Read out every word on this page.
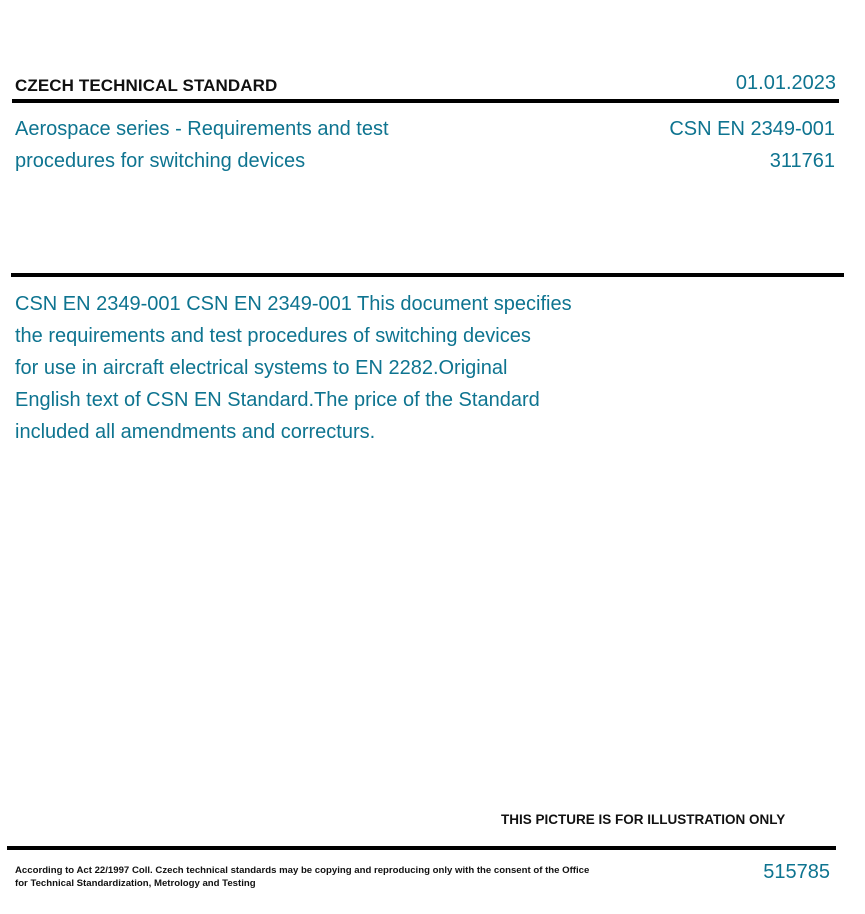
CZECH TECHNICAL STANDARD	01.01.2023
Aerospace series - Requirements and test
procedures for switching devices
CSN EN 2349-001
311761
CSN EN 2349-001 CSN EN 2349-001 This document specifies
the requirements and test procedures of switching devices
for use in aircraft electrical systems to EN 2282.Original
English text of CSN EN Standard.The price of the Standard
included all amendments and correcturs.
THIS PICTURE IS FOR ILLUSTRATION ONLY
According to Act 22/1997 Coll. Czech technical standards may be copying and reproducing only with the consent of the Office
for Technical Standardization, Metrology and Testing
515785
